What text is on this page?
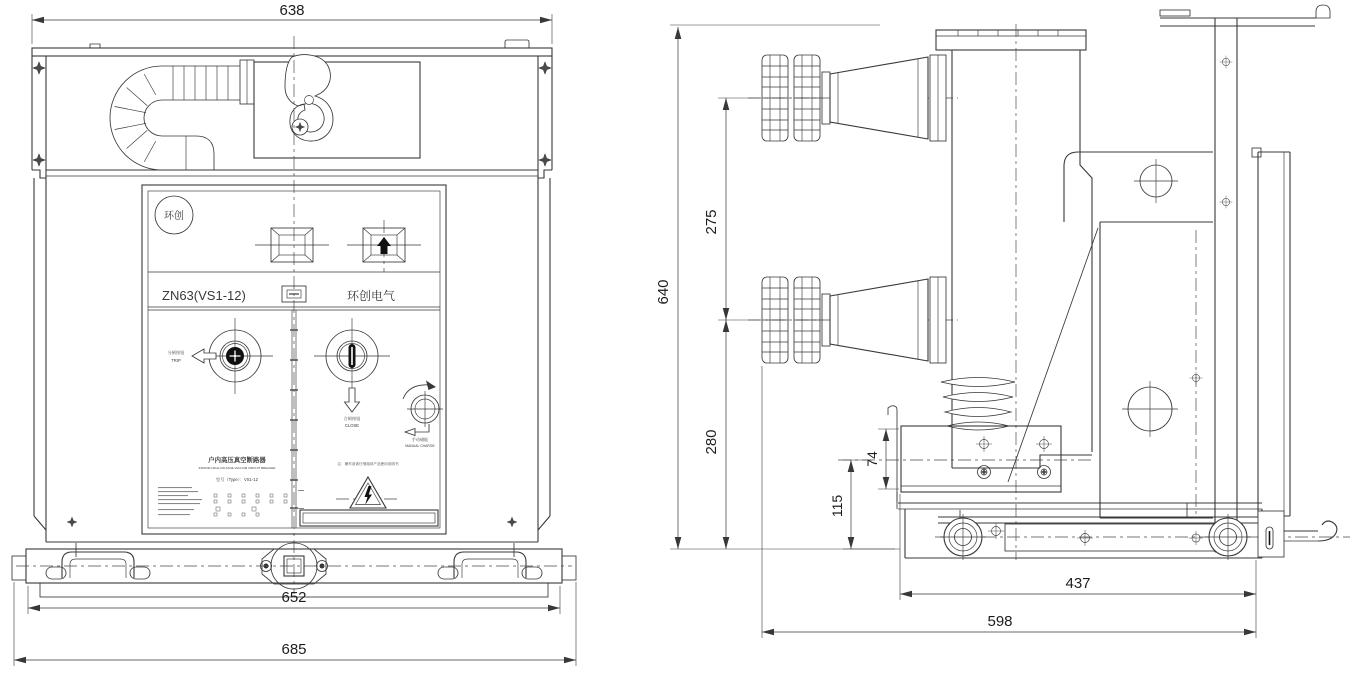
638
环创
ZN63(VS1-12)	环创电气
分闸按钮
TRIP
合闸按钮
CLOSE
手动储能
MANUAL CHARGE
户内高压真空断路器
INDOOR HIGH-VOLTAGE VACUUM CIRCUIT BREAKER
型号（Type）：VS1-12
注：操作前请仔细阅读产品使用说明书
652
685
640
275
280
74
115
437
598
